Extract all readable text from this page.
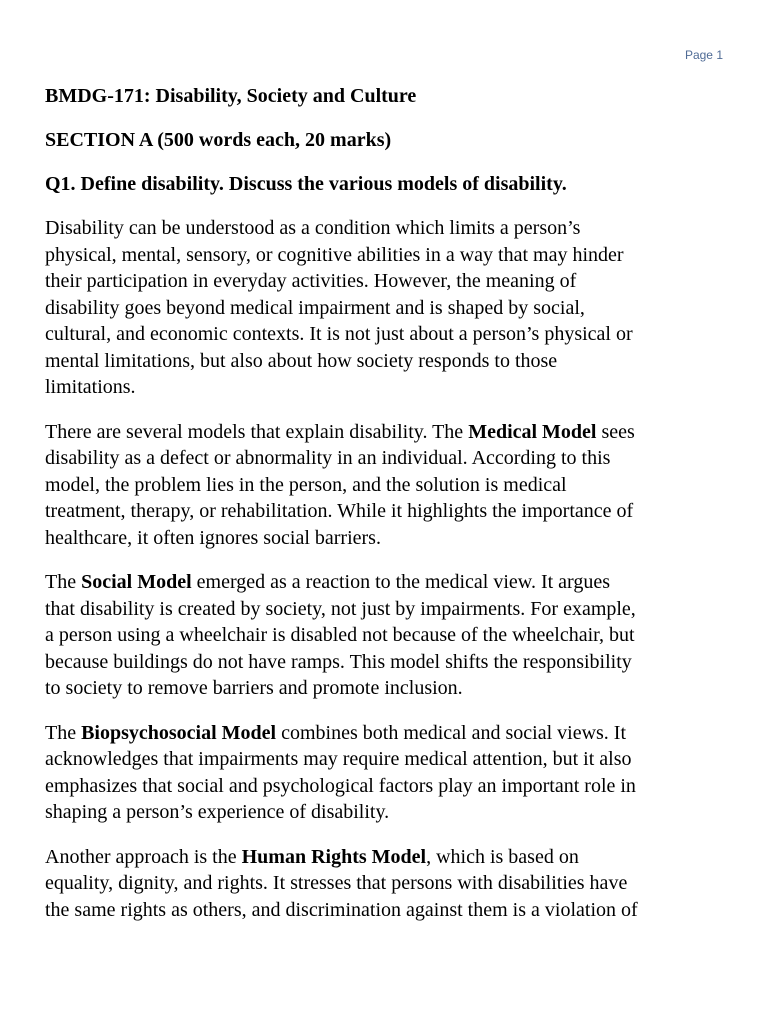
Page 1
BMDG-171: Disability, Society and Culture
SECTION A (500 words each, 20 marks)
Q1. Define disability. Discuss the various models of disability.
Disability can be understood as a condition which limits a person’s
physical, mental, sensory, or cognitive abilities in a way that may hinder
their participation in everyday activities. However, the meaning of
disability goes beyond medical impairment and is shaped by social,
cultural, and economic contexts. It is not just about a person’s physical or
mental limitations, but also about how society responds to those
limitations.
There are several models that explain disability. The Medical Model sees
disability as a defect or abnormality in an individual. According to this
model, the problem lies in the person, and the solution is medical
treatment, therapy, or rehabilitation. While it highlights the importance of
healthcare, it often ignores social barriers.
The Social Model emerged as a reaction to the medical view. It argues
that disability is created by society, not just by impairments. For example,
a person using a wheelchair is disabled not because of the wheelchair, but
because buildings do not have ramps. This model shifts the responsibility
to society to remove barriers and promote inclusion.
The Biopsychosocial Model combines both medical and social views. It
acknowledges that impairments may require medical attention, but it also
emphasizes that social and psychological factors play an important role in
shaping a person’s experience of disability.
Another approach is the Human Rights Model, which is based on
equality, dignity, and rights. It stresses that persons with disabilities have
the same rights as others, and discrimination against them is a violation of
